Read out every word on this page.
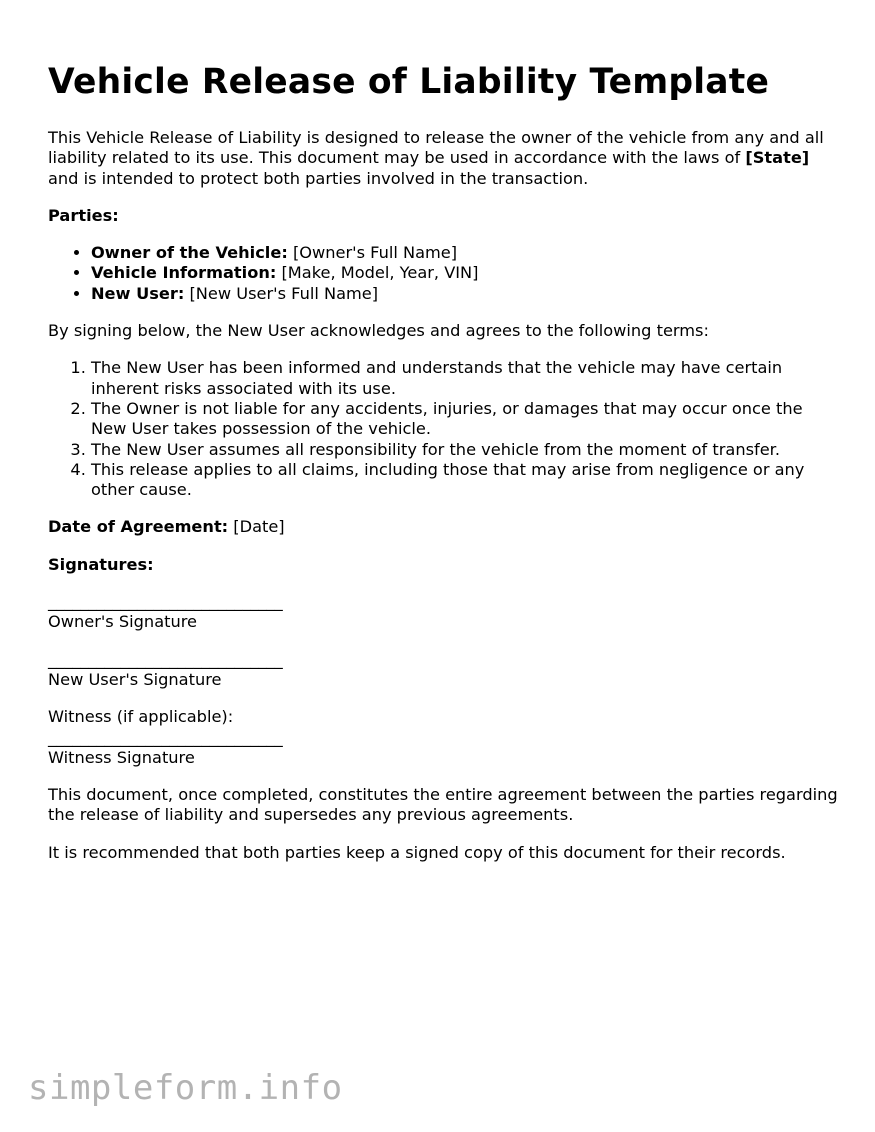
Vehicle Release of Liability Template

This Vehicle Release of Liability is designed to release the owner of the vehicle from any and all liability related to its use. This document may be used in accordance with the laws of [State] and is intended to protect both parties involved in the transaction.

Parties:

• Owner of the Vehicle: [Owner's Full Name]
• Vehicle Information: [Make, Model, Year, VIN]
• New User: [New User's Full Name]

By signing below, the New User acknowledges and agrees to the following terms:

1. The New User has been informed and understands that the vehicle may have certain inherent risks associated with its use.
2. The Owner is not liable for any accidents, injuries, or damages that may occur once the New User takes possession of the vehicle.
3. The New User assumes all responsibility for the vehicle from the moment of transfer.
4. This release applies to all claims, including those that may arise from negligence or any other cause.

Date of Agreement: [Date]

Signatures:

_____________________________
Owner's Signature
_____________________________
New User's Signature

Witness (if applicable):

_____________________________
Witness Signature

This document, once completed, constitutes the entire agreement between the parties regarding the release of liability and supersedes any previous agreements.

It is recommended that both parties keep a signed copy of this document for their records.

simpleform.info
